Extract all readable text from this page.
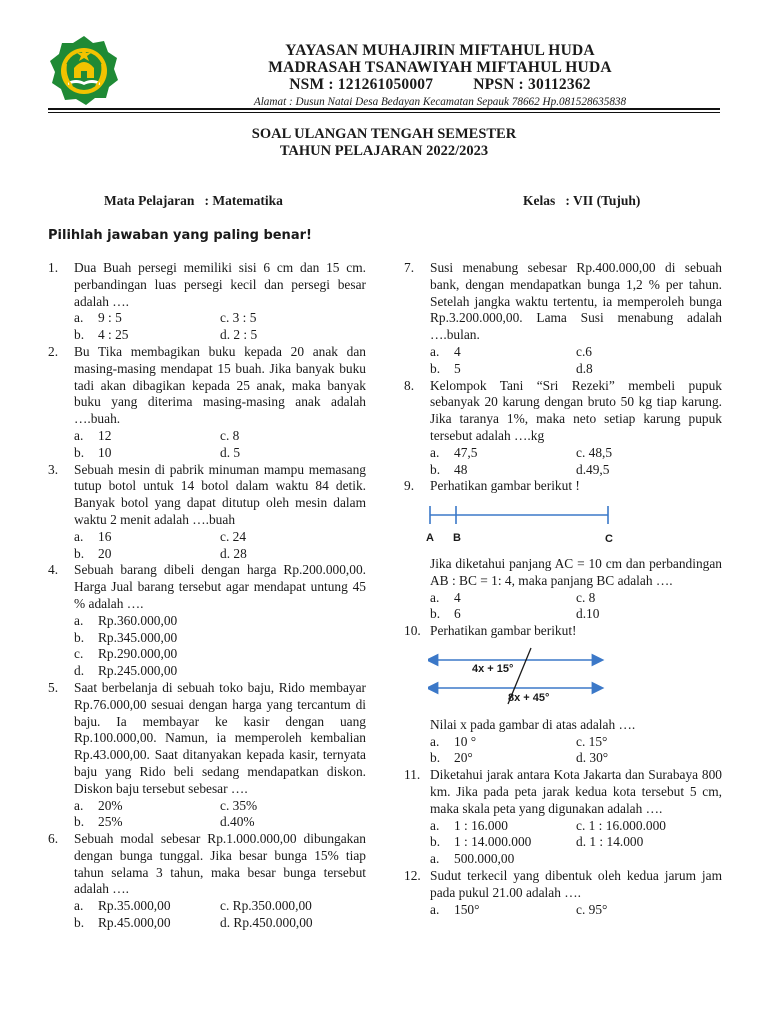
YAYASAN MUHAJIRIN MIFTAHUL HUDA
MADRASAH TSANAWIYAH MIFTAHUL HUDA
NSM : 121261050007	NPSN : 30112362
Alamat : Dusun Natai Desa Bedayan Kecamatan Sepauk 78662 Hp.081528635838
SOAL ULANGAN TENGAH SEMESTER
TAHUN PELAJARAN 2022/2023
Mata Pelajaran   : Matematika	Kelas   : VII (Tujuh)
Pilihlah jawaban yang paling benar!
1. Dua Buah persegi memiliki sisi 6 cm dan 15 cm. perbandingan luas persegi kecil dan persegi besar adalah ….
a.	9 : 5	c. 3 : 5
b.	4 : 25	d. 2 : 5
2. Bu Tika membagikan buku kepada 20 anak dan masing-masing mendapat 15 buah. Jika banyak buku tadi akan dibagikan kepada 25 anak, maka banyak buku yang diterima masing-masing anak adalah ….buah.
a.	12	c. 8
b.	10	d. 5
3. Sebuah mesin di pabrik minuman mampu memasang tutup botol untuk 14 botol dalam waktu 84 detik. Banyak botol yang dapat ditutup oleh mesin dalam waktu 2 menit adalah ….buah
a.	16	c. 24
b.	20	d. 28
4. Sebuah barang dibeli dengan harga Rp.200.000,00. Harga Jual barang tersebut agar mendapat untung 45 % adalah ….
a.	Rp.360.000,00
b.	Rp.345.000,00
c.	Rp.290.000,00
d.	Rp.245.000,00
5. Saat berbelanja di sebuah toko baju, Rido membayar Rp.76.000,00 sesuai dengan harga yang tercantum di baju. Ia membayar ke kasir dengan uang Rp.100.000,00. Namun, ia memperoleh kembalian Rp.43.000,00. Saat ditanyakan kepada kasir, ternyata baju yang Rido beli sedang mendapatkan diskon. Diskon baju tersebut sebesar ….
a.	20%	c. 35%
b.	25%	d.40%
6. Sebuah modal sebesar Rp.1.000.000,00 dibungakan dengan bunga tunggal. Jika besar bunga 15% tiap tahun selama 3 tahun, maka besar bunga tersebut adalah ….
a.	Rp.35.000,00	c. Rp.350.000,00
b.	Rp.45.000,00	d. Rp.450.000,00
7. Susi menabung sebesar Rp.400.000,00 di sebuah bank, dengan mendapatkan bunga 1,2 % per tahun. Setelah jangka waktu tertentu, ia memperoleh bunga Rp.3.200.000,00. Lama Susi menabung adalah ….bulan.
a.	4	c.6
b.	5	d.8
8. Kelompok Tani “Sri Rezeki” membeli pupuk sebanyak 20 karung dengan bruto 50 kg tiap karung. Jika taranya 1%, maka neto setiap karung pupuk tersebut adalah ….kg
a.	47,5	c. 48,5
b.	48	d.49,5
9. Perhatikan gambar berikut !
A B	C
Jika diketahui panjang AC = 10 cm dan perbandingan AB : BC = 1: 4, maka panjang BC adalah ….
a.	4	c. 8
b.	6	d.10
10. Perhatikan gambar berikut!
4x + 15°
8x + 45°
Nilai x pada gambar di atas adalah ….
a.	10 °	c. 15°
b.	20°	d. 30°
11. Diketahui jarak antara Kota Jakarta dan Surabaya 800 km. Jika pada peta jarak kedua kota tersebut 5 cm, maka skala peta yang digunakan adalah ….
a.	1 : 16.000	c. 1 : 16.000.000
b.	1 : 14.000.000	d. 1 : 14.000
a.	500.000,00
12. Sudut terkecil yang dibentuk oleh kedua jarum jam pada pukul 21.00 adalah ….
a.	150°	c. 95°
